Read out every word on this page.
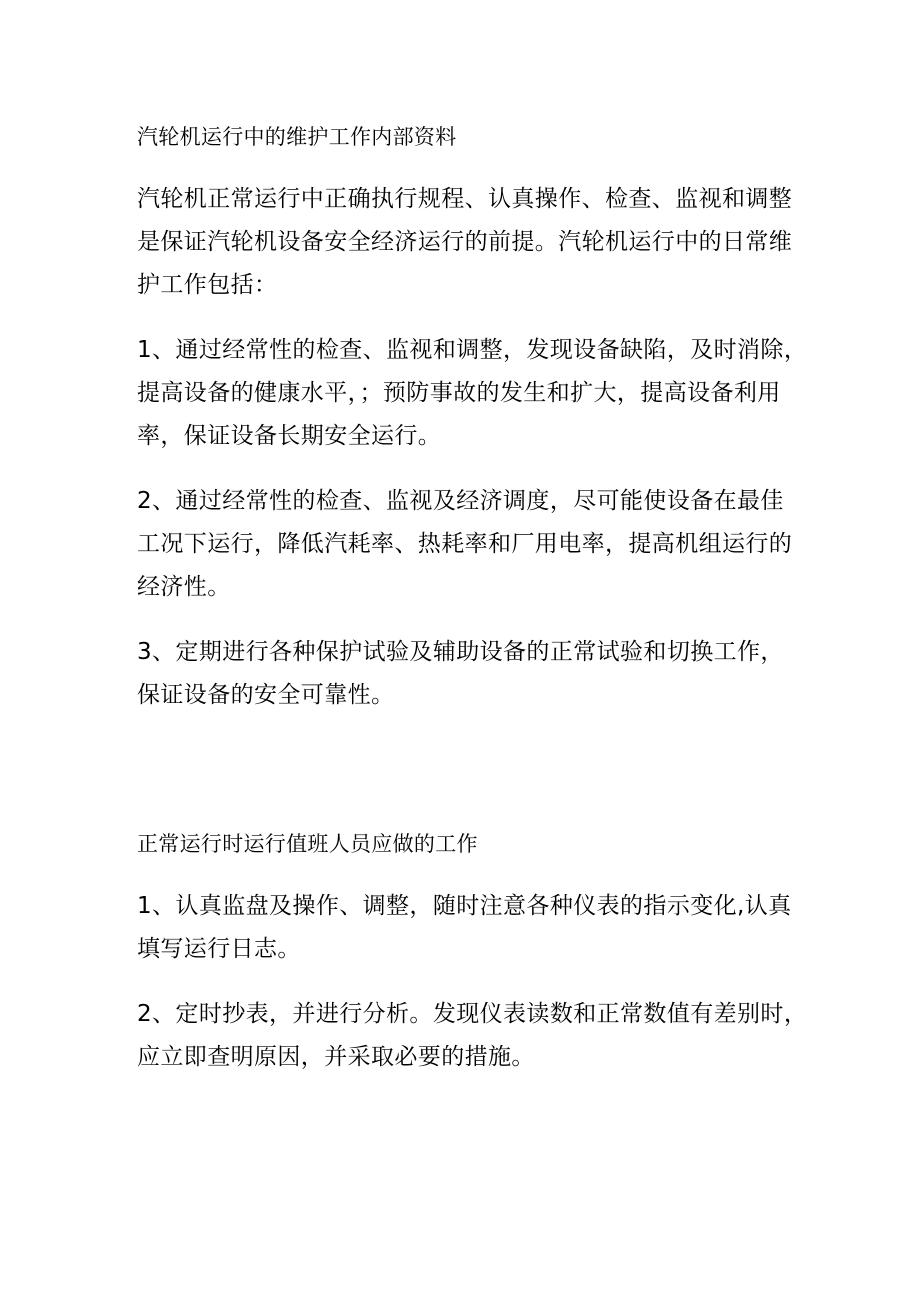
汽轮机运行中的维护工作内部资料
汽轮机正常运行中正确执行规程、认真操作、检查、监视和调整
是保证汽轮机设备安全经济运行的前提。汽轮机运行中的日常维
护工作包括：
1、通过经常性的检查、监视和调整，发现设备缺陷，及时消除，
提高设备的健康水平，；预防事故的发生和扩大，提高设备利用
率，保证设备长期安全运行。
2、通过经常性的检查、监视及经济调度，尽可能使设备在最佳
工况下运行，降低汽耗率、热耗率和厂用电率，提高机组运行的
经济性。
3、定期进行各种保护试验及辅助设备的正常试验和切换工作，
保证设备的安全可靠性。
正常运行时运行值班人员应做的工作
1、认真监盘及操作、调整，随时注意各种仪表的指示变化,认真
填写运行日志。
2、定时抄表，并进行分析。发现仪表读数和正常数值有差别时，
应立即查明原因，并采取必要的措施。
